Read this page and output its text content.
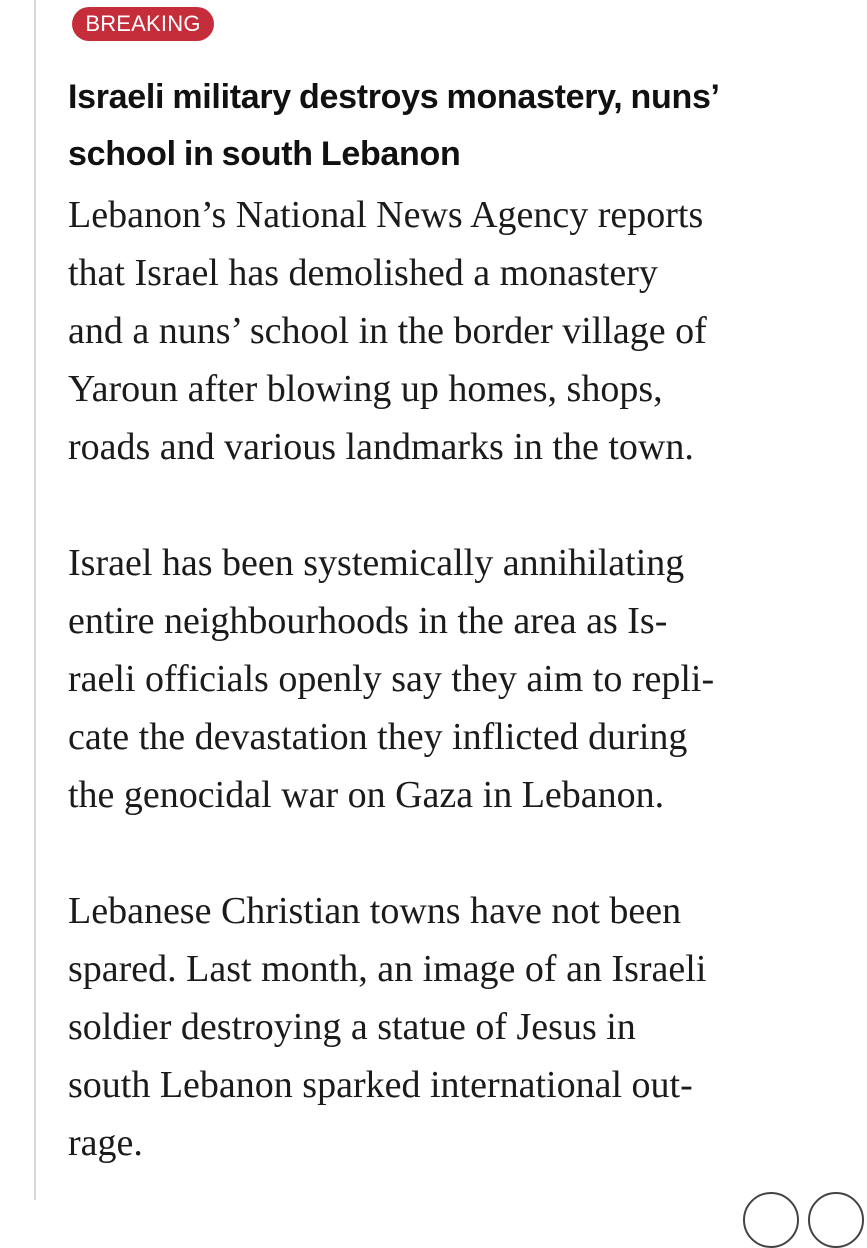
BREAKING
Israeli military destroys monastery, nuns’
school in south Lebanon

Lebanon’s National News Agency reports
that Israel has demolished a monastery
and a nuns’ school in the border village of
Yaroun after blowing up homes, shops,
roads and various landmarks in the town.

Israel has been systemically annihilating
entire neighbourhoods in the area as Is-
raeli officials openly say they aim to repli-
cate the devastation they inflicted during
the genocidal war on Gaza in Lebanon.

Lebanese Christian towns have not been
spared. Last month, an image of an Israeli
soldier destroying a statue of Jesus in
south Lebanon sparked international out-
rage.
